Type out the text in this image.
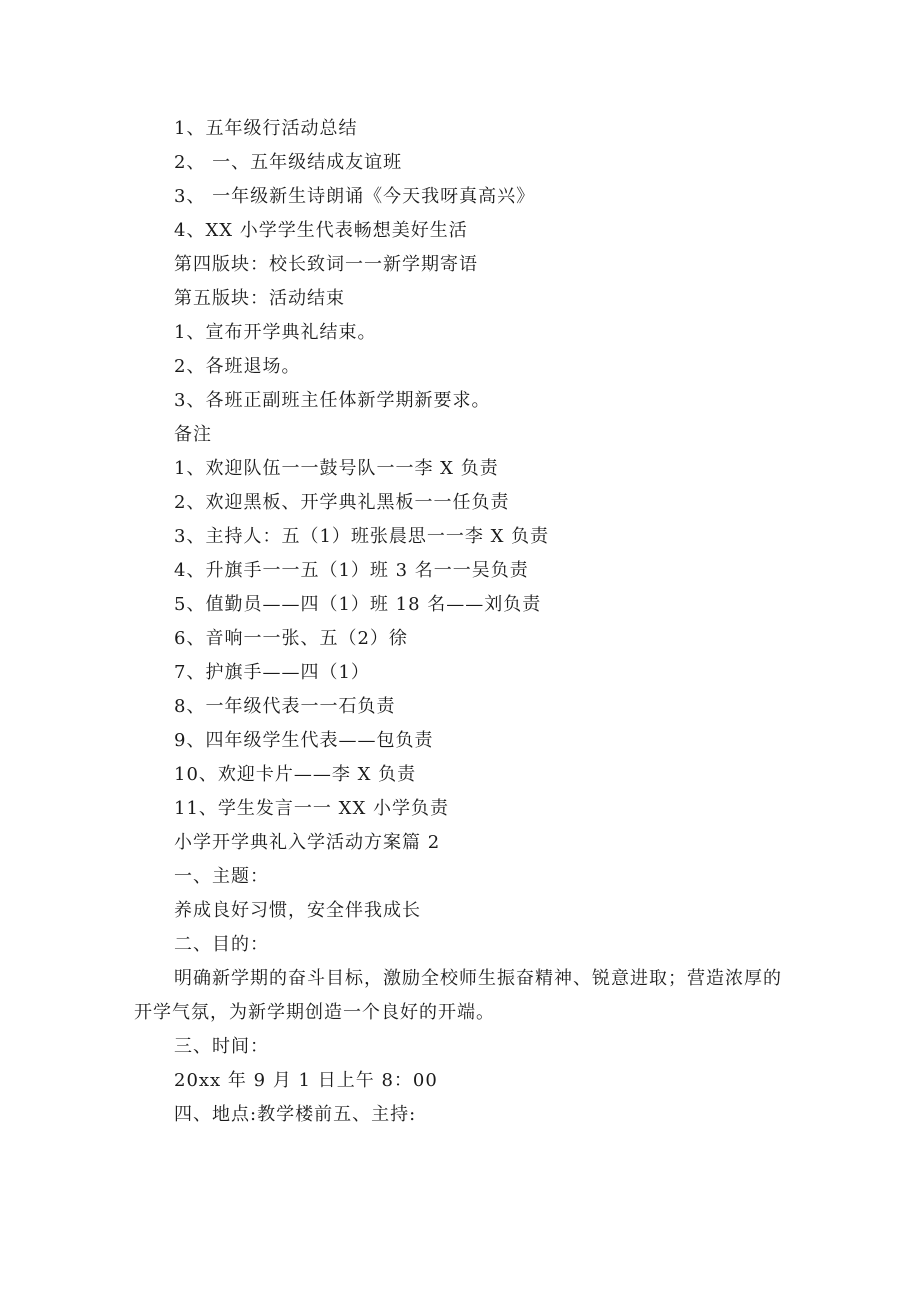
1、五年级行活动总结
2、 一、五年级结成友谊班
3、 一年级新生诗朗诵《今天我呀真高兴》
4、XX 小学学生代表畅想美好生活
第四版块：校长致词一一新学期寄语
第五版块：活动结束
1、宣布开学典礼结束。
2、各班退场。
3、各班正副班主任体新学期新要求。
备注
1、欢迎队伍一一鼓号队一一李 X 负责
2、欢迎黑板、开学典礼黑板一一任负责
3、主持人：五（1）班张晨思一一李 X 负责
4、升旗手一一五（1）班 3 名一一吴负责
5、值勤员——四（1）班 18 名——刘负责
6、音响一一张、五（2）徐
7、护旗手——四（1）
8、一年级代表一一石负责
9、四年级学生代表——包负责
10、欢迎卡片——李 X 负责
11、学生发言一一 XX 小学负责
小学开学典礼入学活动方案篇 2
一、主题：
养成良好习惯，安全伴我成长
二、目的：
明确新学期的奋斗目标，激励全校师生振奋精神、锐意进取；营造浓厚的开学气氛，为新学期创造一个良好的开端。
三、时间：
20xx 年 9 月 1 日上午 8：00
四、地点:教学楼前五、主持:
